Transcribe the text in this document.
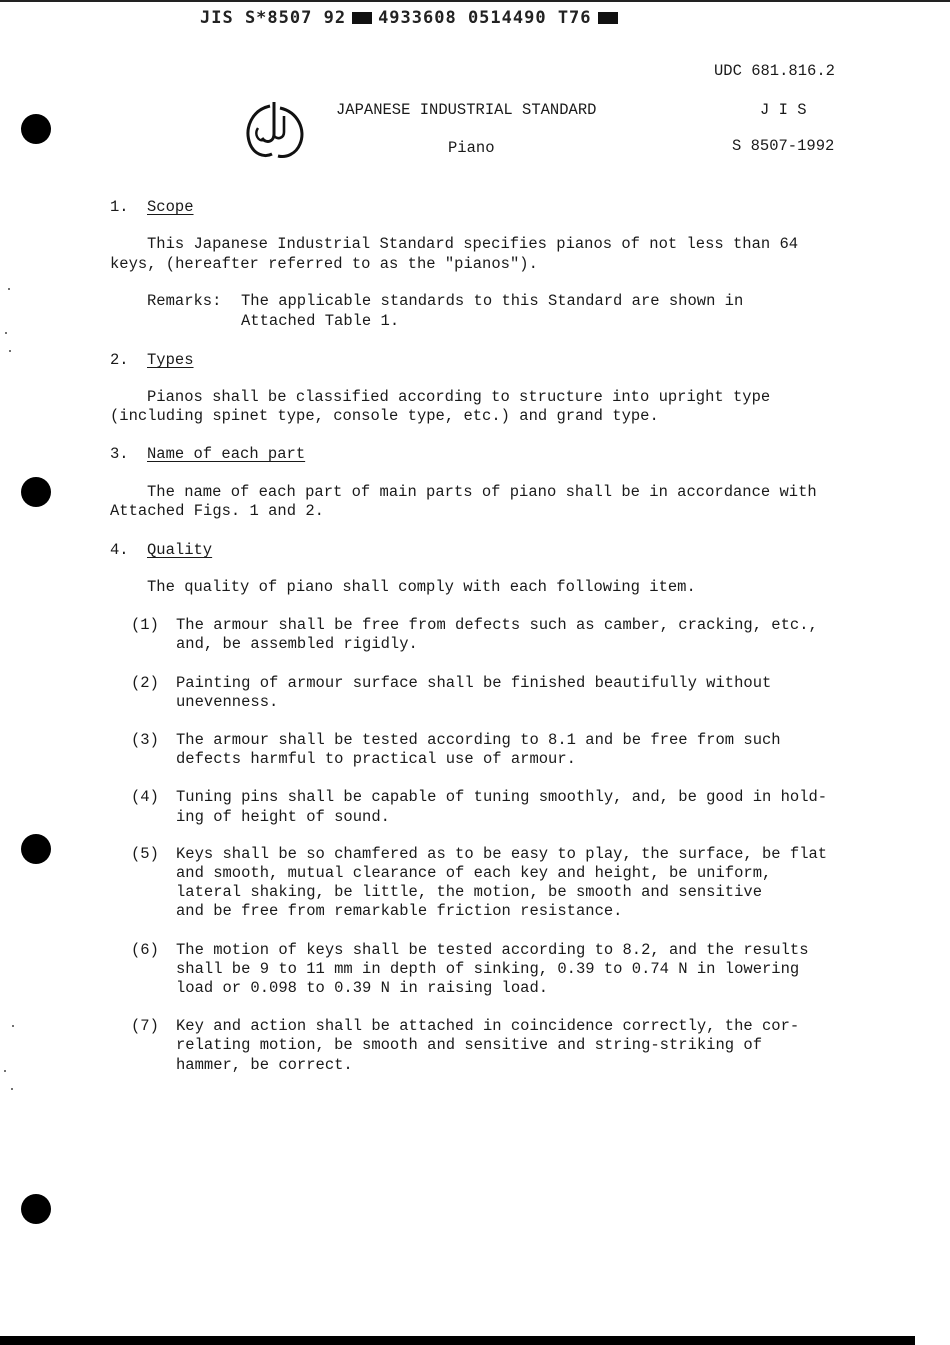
JIS S*8507 92 4933608 0514490 T76
UDC 681.816.2
JAPANESE INDUSTRIAL STANDARD	J I S
Piano	S 8507-1992
1. Scope
This Japanese Industrial Standard specifies pianos of not less than 64
keys, (hereafter referred to as the "pianos").
Remarks: The applicable standards to this Standard are shown in
Attached Table 1.
2. Types
Pianos shall be classified according to structure into upright type
(including spinet type, console type, etc.) and grand type.
3. Name of each part
The name of each part of main parts of piano shall be in accordance with
Attached Figs. 1 and 2.
4. Quality
The quality of piano shall comply with each following item.
(1) The armour shall be free from defects such as camber, cracking, etc.,
and, be assembled rigidly.
(2) Painting of armour surface shall be finished beautifully without
unevenness.
(3) The armour shall be tested according to 8.1 and be free from such
defects harmful to practical use of armour.
(4) Tuning pins shall be capable of tuning smoothly, and, be good in hold-
ing of height of sound.
(5) Keys shall be so chamfered as to be easy to play, the surface, be flat
and smooth, mutual clearance of each key and height, be uniform,
lateral shaking, be little, the motion, be smooth and sensitive
and be free from remarkable friction resistance.
(6) The motion of keys shall be tested according to 8.2, and the results
shall be 9 to 11 mm in depth of sinking, 0.39 to 0.74 N in lowering
load or 0.098 to 0.39 N in raising load.
(7) Key and action shall be attached in coincidence correctly, the cor-
relating motion, be smooth and sensitive and string-striking of
hammer, be correct.
